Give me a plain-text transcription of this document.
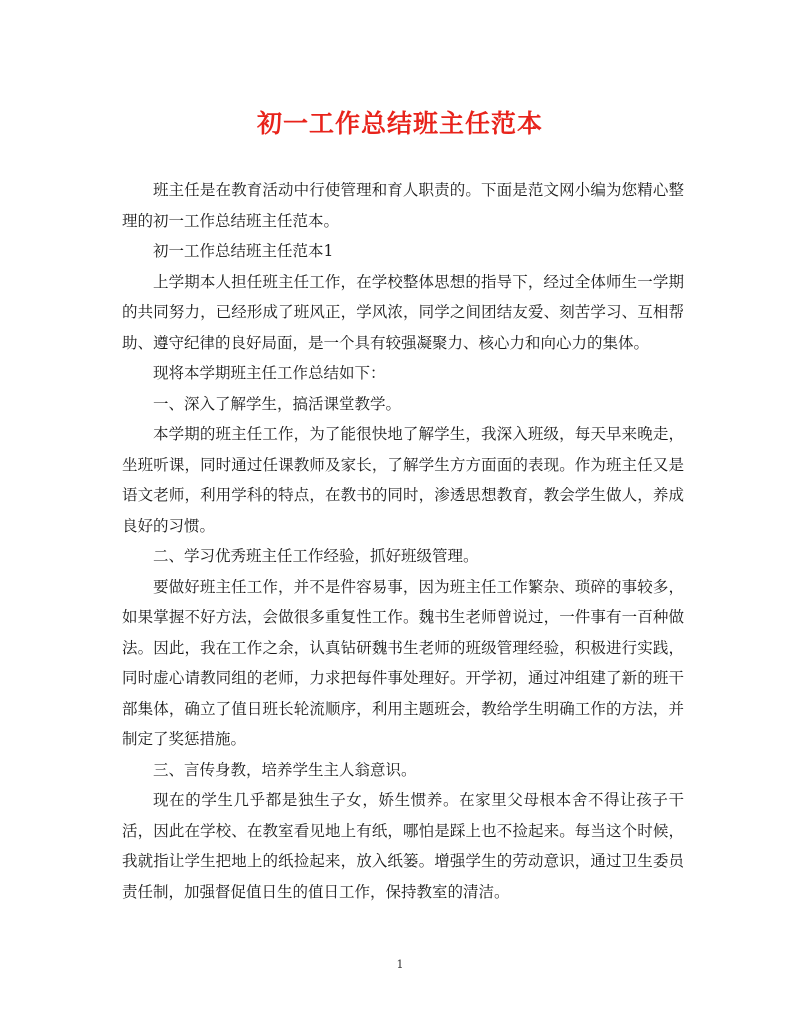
初一工作总结班主任范本

班主任是在教育活动中行使管理和育人职责的。下面是范文网小编为您精心整理的初一工作总结班主任范本。

初一工作总结班主任范本1

上学期本人担任班主任工作，在学校整体思想的指导下，经过全体师生一学期的共同努力，已经形成了班风正，学风浓，同学之间团结友爱、刻苦学习、互相帮助、遵守纪律的良好局面，是一个具有较强凝聚力、核心力和向心力的集体。

现将本学期班主任工作总结如下：

一、深入了解学生，搞活课堂教学。

本学期的班主任工作，为了能很快地了解学生，我深入班级，每天早来晚走，坐班听课，同时通过任课教师及家长，了解学生方方面面的表现。作为班主任又是语文老师，利用学科的特点，在教书的同时，渗透思想教育，教会学生做人，养成良好的习惯。

二、学习优秀班主任工作经验，抓好班级管理。

要做好班主任工作，并不是件容易事，因为班主任工作繁杂、琐碎的事较多，如果掌握不好方法，会做很多重复性工作。魏书生老师曾说过，一件事有一百种做法。因此，我在工作之余，认真钻研魏书生老师的班级管理经验，积极进行实践，同时虚心请教同组的老师，力求把每件事处理好。开学初，通过冲组建了新的班干部集体，确立了值日班长轮流顺序，利用主题班会，教给学生明确工作的方法，并制定了奖惩措施。

三、言传身教，培养学生主人翁意识。

现在的学生几乎都是独生子女，娇生惯养。在家里父母根本舍不得让孩子干活，因此在学校、在教室看见地上有纸，哪怕是踩上也不捡起来。每当这个时候，我就指让学生把地上的纸捡起来，放入纸篓。增强学生的劳动意识，通过卫生委员责任制，加强督促值日生的值日工作，保持教室的清洁。

1
